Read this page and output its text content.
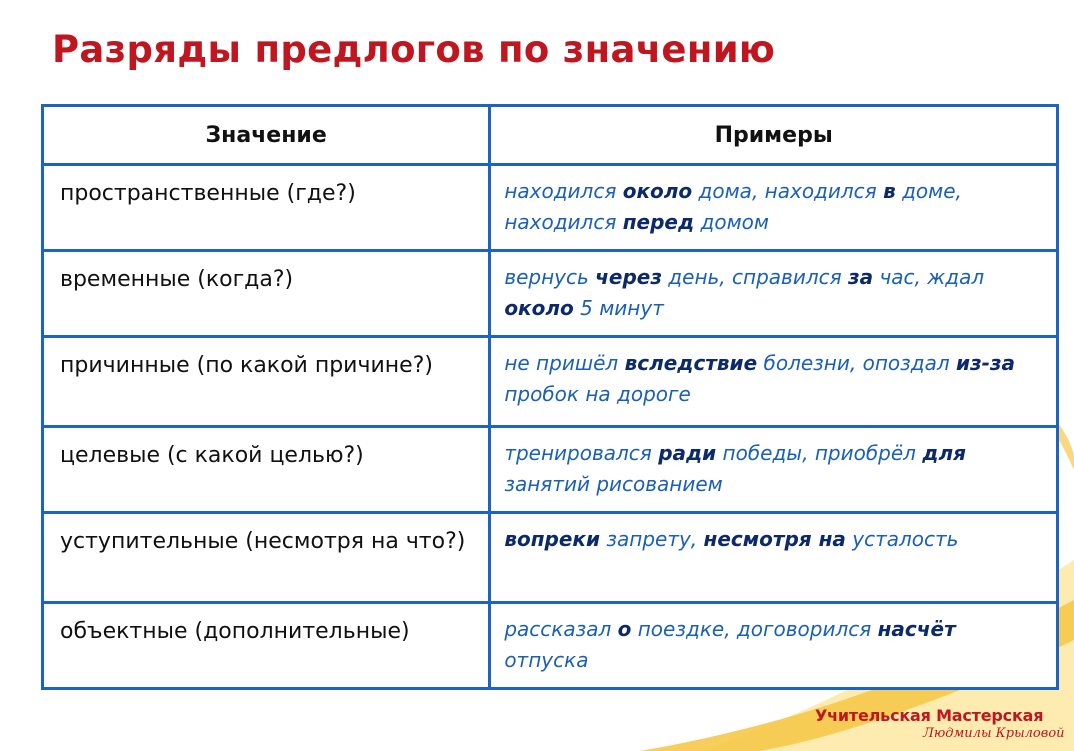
Разряды предлогов по значению
Значение	Примеры

пространственные (где?)	находился около дома, находился в доме, находился перед домом

временные (когда?)	вернусь через день, справился за час, ждал около 5 минут

причинные (по какой причине?)	не пришёл вследствие болезни, опоздал из-за пробок на дороге

целевые (с какой целью?)	тренировался ради победы, приобрёл для занятий рисованием

уступительные (несмотря на что?)	вопреки запрету, несмотря на усталость

объектные (дополнительные)	рассказал о поездке, договорился насчёт отпуска
Учительская Мастерская
Людмилы Крыловой
